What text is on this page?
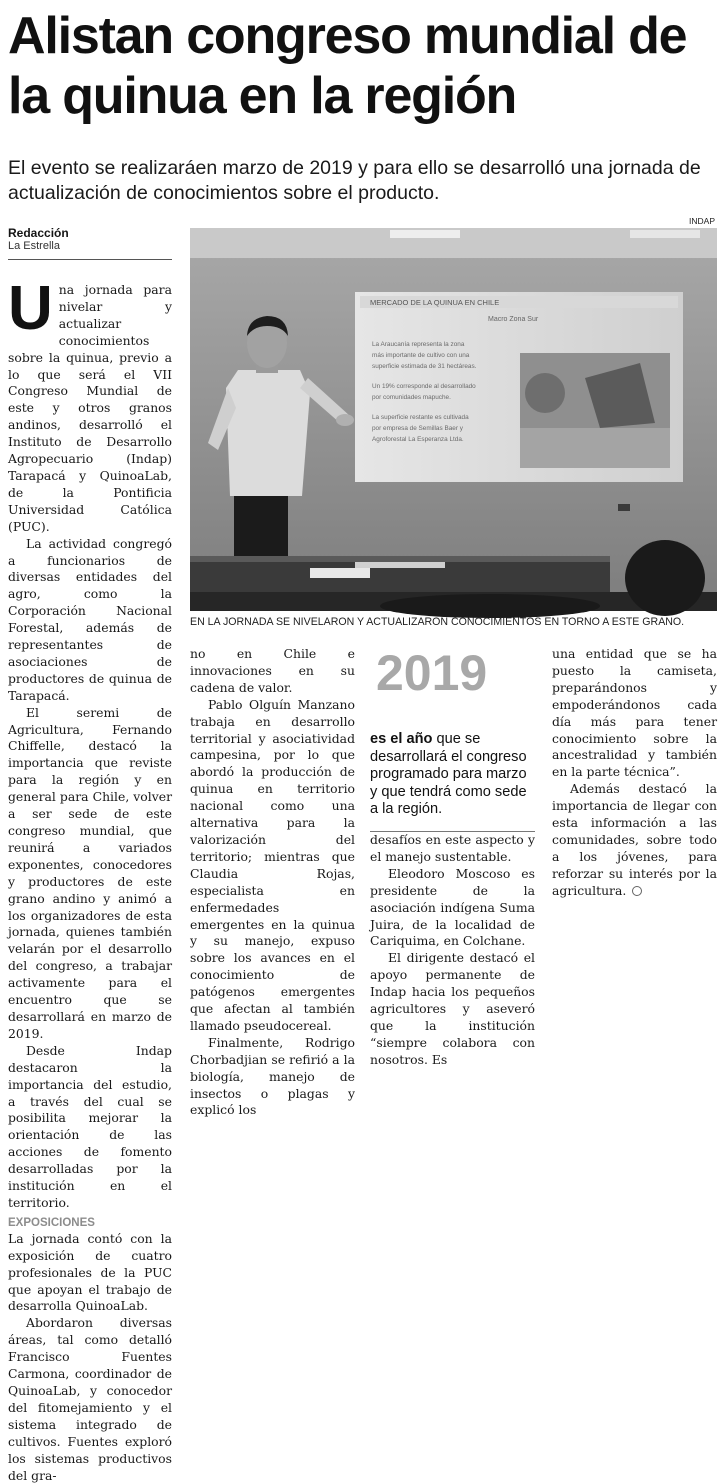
Alistan congreso mundial de la quinua en la región

El evento se realizaráen marzo de 2019 y para ello se desarrolló una jornada de actualización de conocimientos sobre el producto.

Redacción
La Estrella
INDAP
MERCADO DE LA QUINUA EN CHILE
Macro Zona Sur
La Araucanía representa la zona
más importante de cultivo con una
superficie estimada de 31 hectáreas.
Un 19% corresponde al desarrollado
por comunidades mapuche.
La superficie restante es cultivada
por empresa de Semillas Baer y
Agroforestal La Esperanza Ltda.
EN LA JORNADA SE NIVELARON Y ACTUALIZARON CONOCIMIENTOS EN TORNO A ESTE GRANO.

Una jornada para nivelar y actualizar conocimientos sobre la quinua, previo a lo que será el VII Congreso Mundial de este y otros granos andinos, desarrolló el Instituto de Desarrollo Agropecuario (Indap) Tarapacá y QuinoaLab, de la Pontificia Universidad Católica (PUC).

La actividad congregó a funcionarios de diversas entidades del agro, como la Corporación Nacional Forestal, además de representantes de asociaciones de productores de quinua de Tarapacá.

El seremi de Agricultura, Fernando Chiffelle, destacó la importancia que reviste para la región y en general para Chile, volver a ser sede de este congreso mundial, que reunirá a variados exponentes, conocedores y productores de este grano andino y animó a los organizadores de esta jornada, quienes también velarán por el desarrollo del congreso, a trabajar activamente para el encuentro que se desarrollará en marzo de 2019.

Desde Indap destacaron la importancia del estudio, a través del cual se posibilita mejorar la orientación de las acciones de fomento desarrolladas por la institución en el territorio.

EXPOSICIONES

La jornada contó con la exposición de cuatro profesionales de la PUC que apoyan el trabajo de desarrolla QuinoaLab.

Abordaron diversas áreas, tal como detalló Francisco Fuentes Carmona, coordinador de QuinoaLab, y conocedor del fitomejamiento y el sistema integrado de cultivos. Fuentes exploró los sistemas productivos del gra-

no en Chile e innovaciones en su cadena de valor.

Pablo Olguín Manzano trabaja en desarrollo territorial y asociatividad campesina, por lo que abordó la producción de quinua en territorio nacional como una alternativa para la valorización del territorio; mientras que Claudia Rojas, especialista en enfermedades emergentes en la quinua y su manejo, expuso sobre los avances en el conocimiento de patógenos emergentes que afectan al también llamado pseudocereal.

Finalmente, Rodrigo Chorbadjian se refirió a la biología, manejo de insectos o plagas y explicó los

2019
es el año que se desarrollará el congreso programado para marzo y que tendrá como sede a la región.

desafíos en este aspecto y el manejo sustentable.

Eleodoro Moscoso es presidente de la asociación indígena Suma Juira, de la localidad de Cariquima, en Colchane.

El dirigente destacó el apoyo permanente de Indap hacia los pequeños agricultores y aseveró que la institución “siempre colabora con nosotros. Es

una entidad que se ha puesto la camiseta, preparándonos y empoderándonos cada día más para tener conocimiento sobre la ancestralidad y también en la parte técnica”.

Además destacó la importancia de llegar con esta información a las comunidades, sobre todo a los jóvenes, para reforzar su interés por la agricultura.
